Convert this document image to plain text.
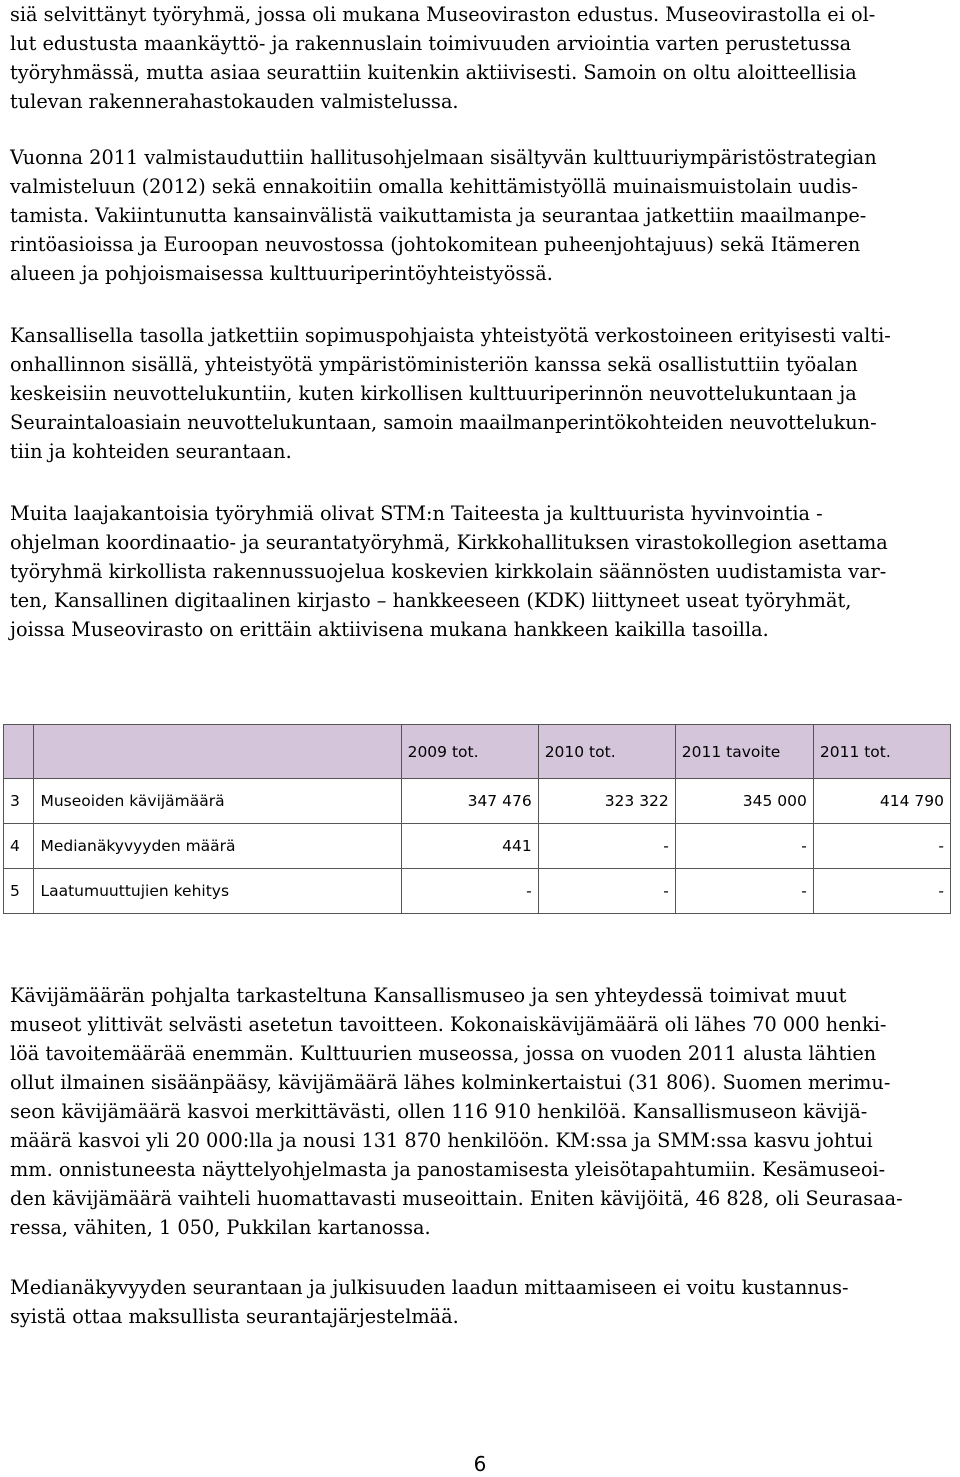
siä selvittänyt työryhmä, jossa oli mukana Museoviraston edustus. Museovirastolla ei ol-
lut edustusta maankäyttö- ja rakennuslain toimivuuden arviointia varten perustetussa
työryhmässä, mutta asiaa seurattiin kuitenkin aktiivisesti. Samoin on oltu aloitteellisia
tulevan rakennerahastokauden valmistelussa.

Vuonna 2011 valmistauduttiin hallitusohjelmaan sisältyvän kulttuuriympäristöstrategian
valmisteluun (2012) sekä ennakoitiin omalla kehittämistyöllä muinaismuistolain uudis-
tamista. Vakiintunutta kansainvälistä vaikuttamista ja seurantaa jatkettiin maailmanpe-
rintöasioissa ja Euroopan neuvostossa (johtokomitean puheenjohtajuus) sekä Itämeren
alueen ja pohjoismaisessa kulttuuriperintöyhteistyössä.

Kansallisella tasolla jatkettiin sopimuspohjaista yhteistyötä verkostoineen erityisesti valti-
onhallinnon sisällä, yhteistyötä ympäristöministeriön kanssa sekä osallistuttiin työalan
keskeisiin neuvottelukuntiin, kuten kirkollisen kulttuuriperinnön neuvottelukuntaan ja
Seuraintaloasiain neuvottelukuntaan, samoin maailmanperintökohteiden neuvottelukun-
tiin ja kohteiden seurantaan.

Muita laajakantoisia työryhmiä olivat STM:n Taiteesta ja kulttuurista hyvinvointia -
ohjelman koordinaatio- ja seurantatyöryhmä, Kirkkohallituksen virastokollegion asettama
työryhmä kirkollista rakennussuojelua koskevien kirkkolain säännösten uudistamista var-
ten, Kansallinen digitaalinen kirjasto – hankkeeseen (KDK) liittyneet useat työryhmät,
joissa Museovirasto on erittäin aktiivisena mukana hankkeen kaikilla tasoilla.

		2009 tot.	2010 tot.	2011 tavoite	2011 tot.
3	Museoiden kävijämäärä	347 476	323 322	345 000	414 790
4	Medianäkyvyyden määrä	441	-	-	-
5	Laatumuuttujien kehitys	-	-	-	-

Kävijämäärän pohjalta tarkasteltuna Kansallismuseo ja sen yhteydessä toimivat muut
museot ylittivät selvästi asetetun tavoitteen. Kokonaiskävijämäärä oli lähes 70 000 henki-
löä tavoitemäärää enemmän. Kulttuurien museossa, jossa on vuoden 2011 alusta lähtien
ollut ilmainen sisäänpääsy, kävijämäärä lähes kolminkertaistui (31 806). Suomen merimu-
seon kävijämäärä kasvoi merkittävästi, ollen 116 910 henkilöä. Kansallismuseon kävijä-
määrä kasvoi yli 20 000:lla ja nousi 131 870 henkilöön. KM:ssa ja SMM:ssa kasvu johtui
mm. onnistuneesta näyttelyohjelmasta ja panostamisesta yleisötapahtumiin. Kesämuseoi-
den kävijämäärä vaihteli huomattavasti museoittain. Eniten kävijöitä, 46 828, oli Seurasaa-
ressa, vähiten, 1 050, Pukkilan kartanossa.

Medianäkyvyyden seurantaan ja julkisuuden laadun mittaamiseen ei voitu kustannus-
syistä ottaa maksullista seurantajärjestelmää.

6
